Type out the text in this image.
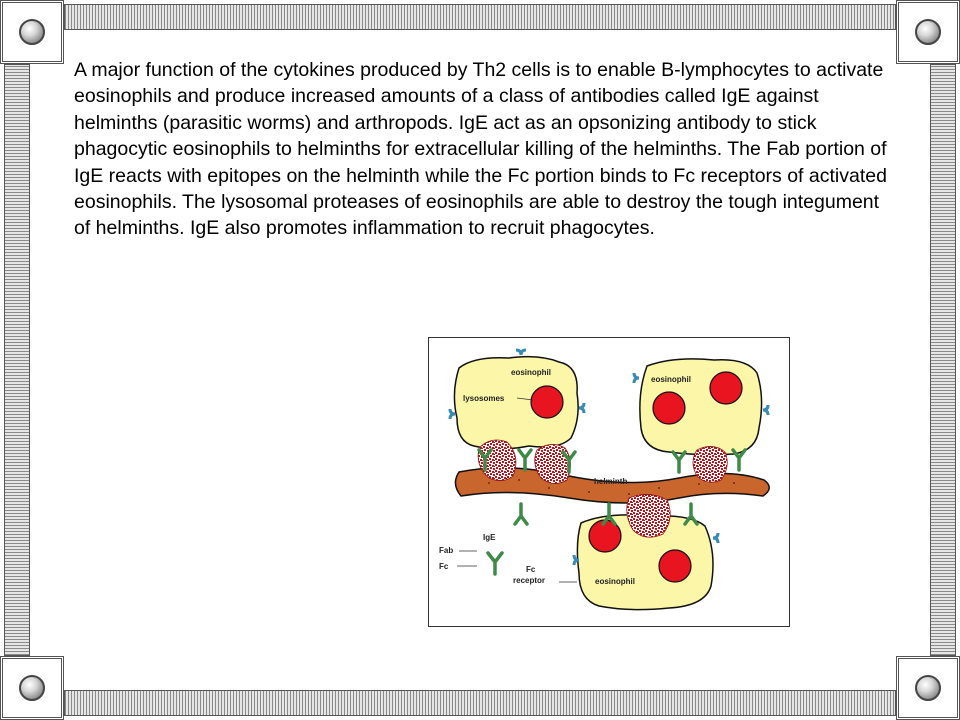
A major function of the cytokines produced by Th2 cells is to enable B-lymphocytes to activate eosinophils and produce increased amounts of a class of antibodies called IgE against helminths (parasitic worms) and arthropods. IgE act as an opsonizing antibody to stick phagocytic eosinophils to helminths for extracellular killing of the helminths. The Fab portion of IgE reacts with epitopes on the helminth while the Fc portion binds to Fc receptors of activated eosinophils. The lysosomal proteases of eosinophils are able to destroy the tough integument of helminths. IgE also promotes inflammation to recruit phagocytes.

eosinophil
lysosomes
eosinophil
helminth
IgE
Fab
Fc	Fc
receptor	eosinophil
